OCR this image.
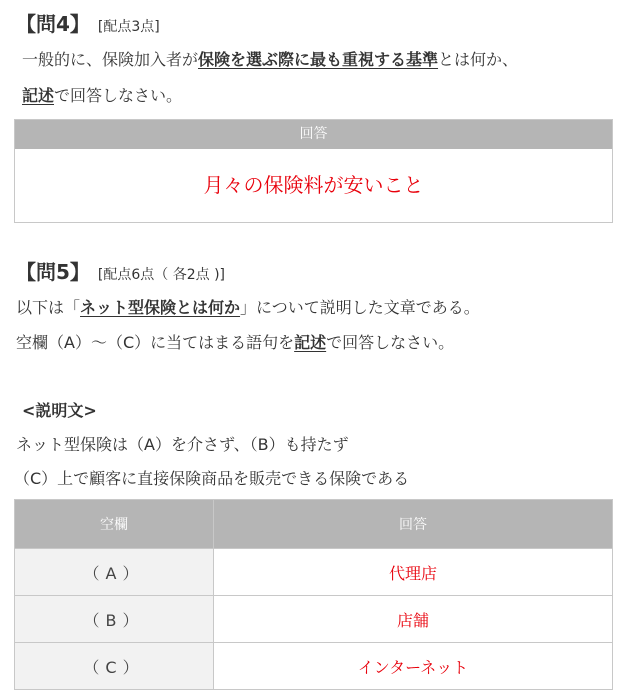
【問4】 [配点3点]
一般的に、保険加入者が保険を選ぶ際に最も重視する基準とは何か、
記述で回答しなさい。
回答
月々の保険料が安いこと
【問5】 [配点6点（ 各2点 )]
以下は「ネット型保険とは何か」について説明した文章である。
空欄（A）～（C）に当てはまる語句を記述で回答しなさい。
<説明文>
ネット型保険は（A）を介さず、（B）も持たず
（C）上で顧客に直接保険商品を販売できる保険である
空欄	回答
（A）	代理店
（B）	店舗
（C）	インターネット
